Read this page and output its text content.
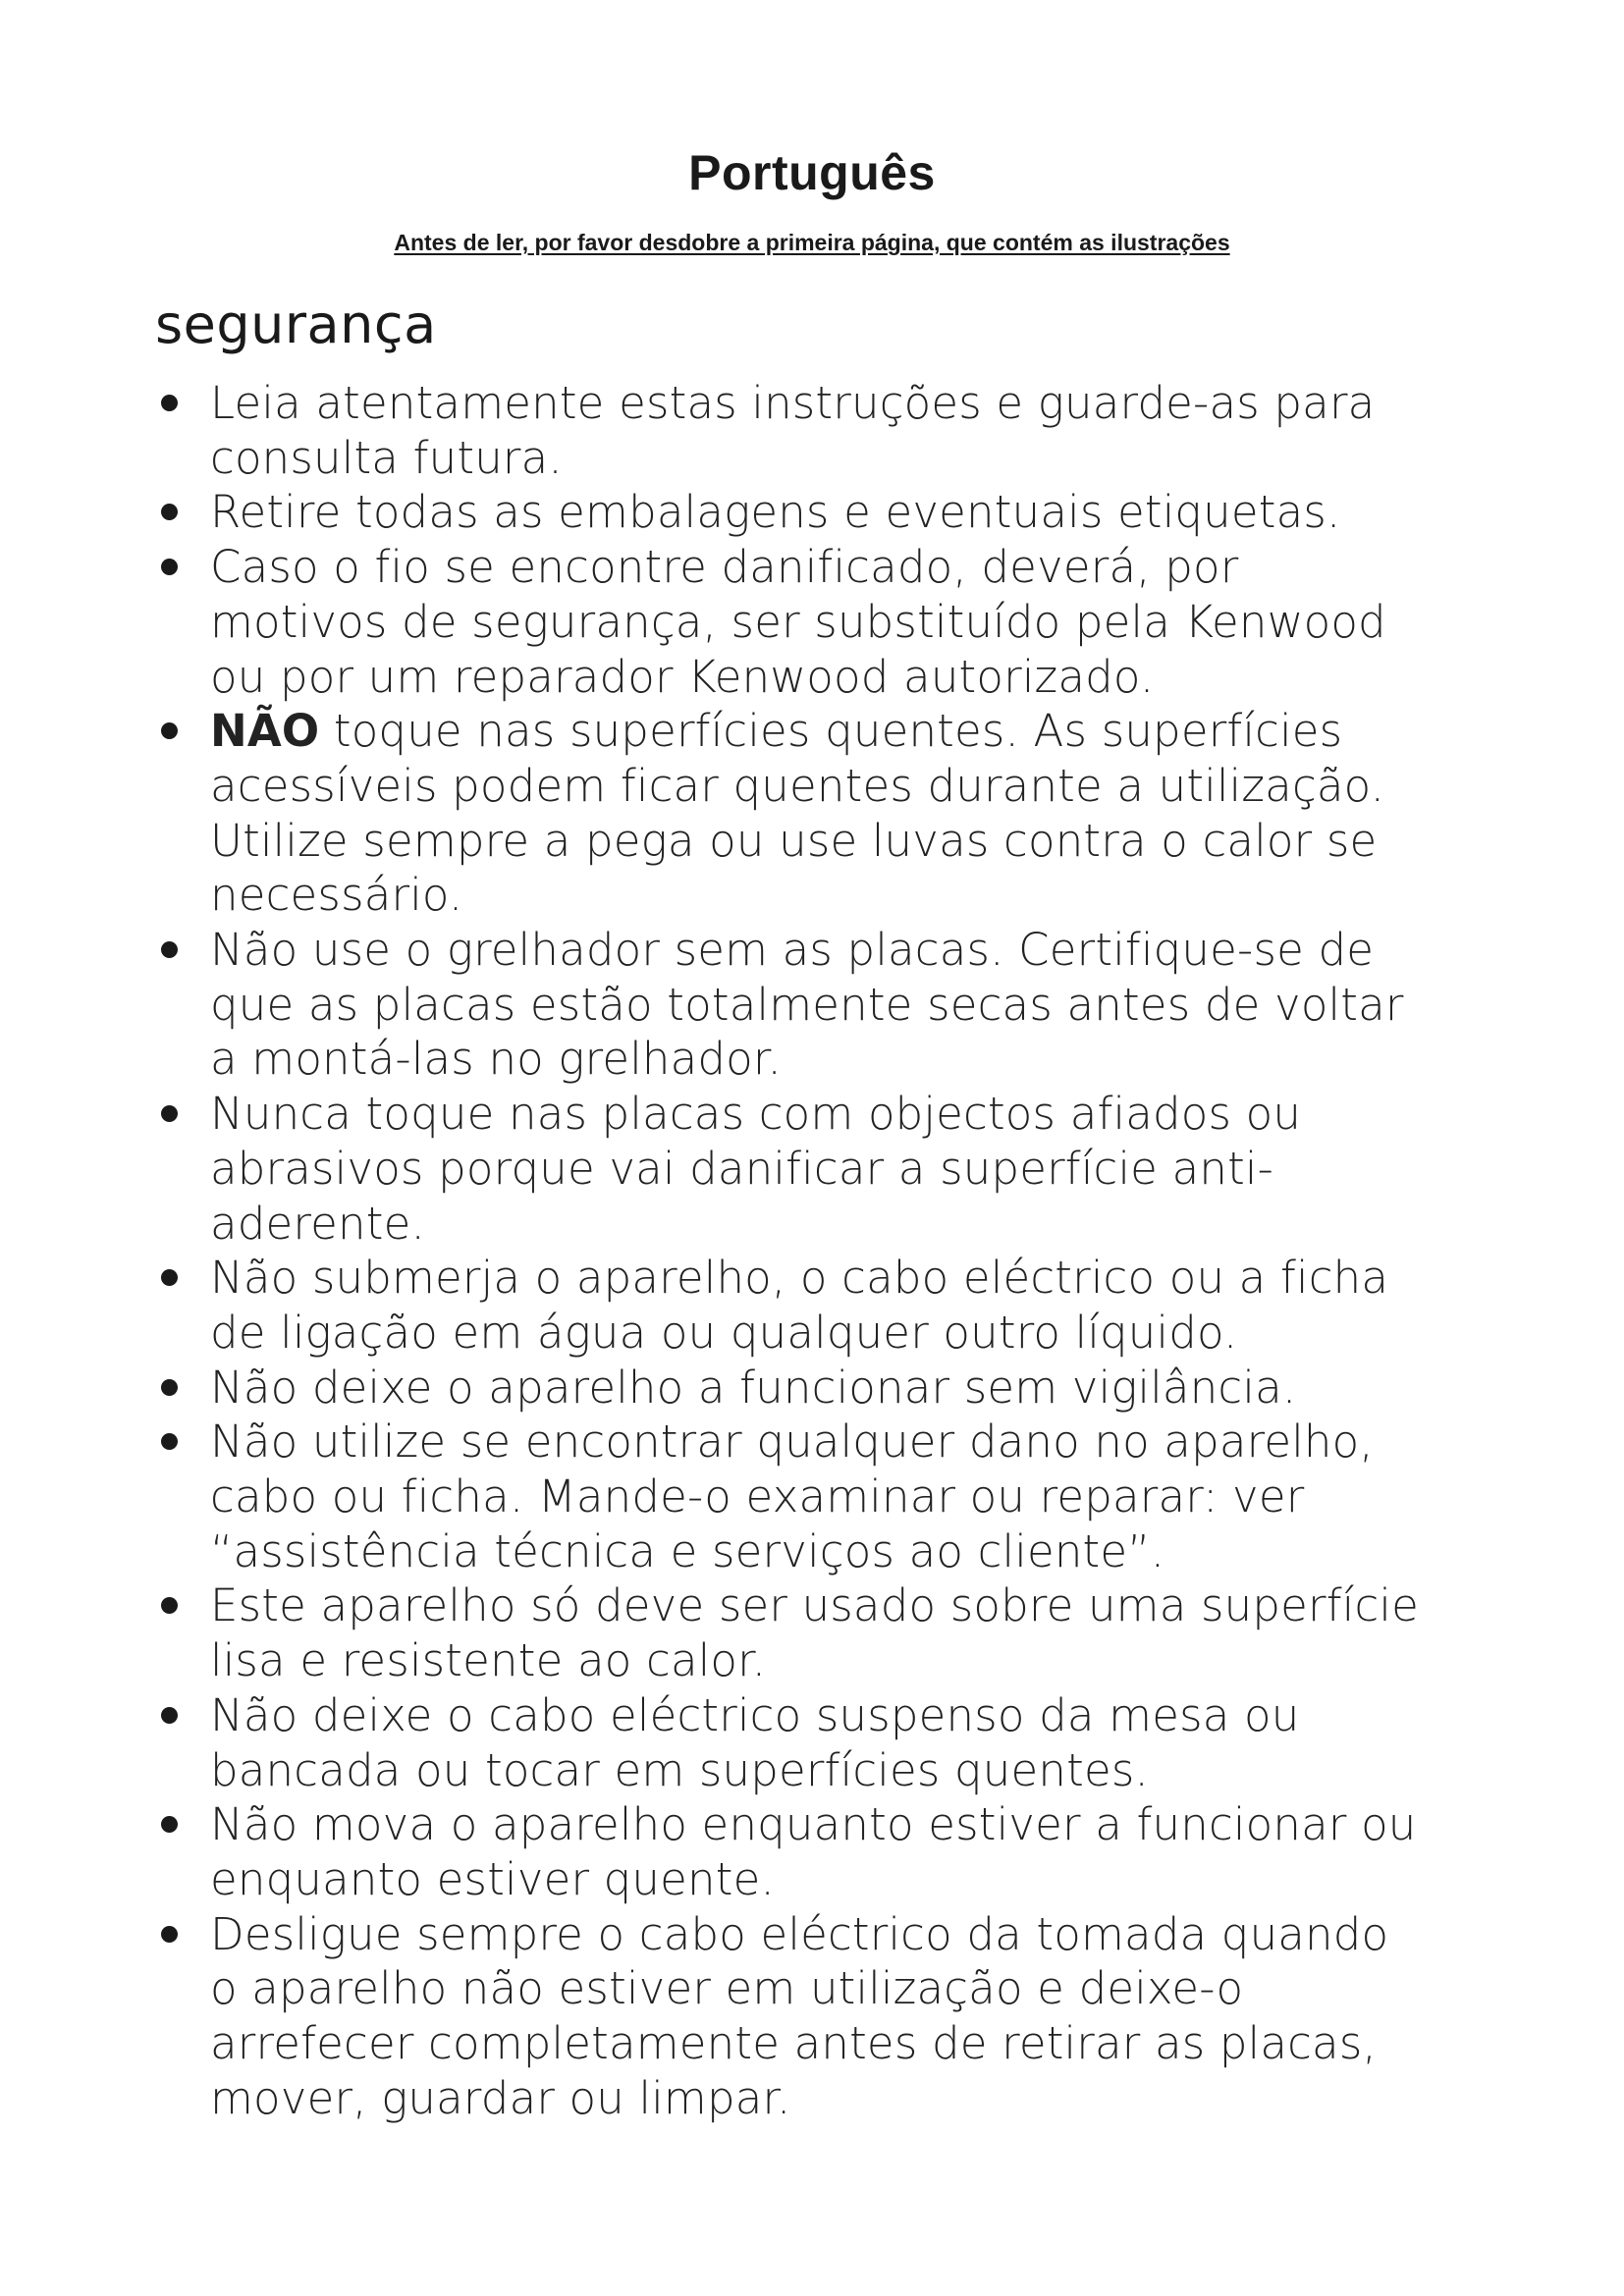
Português

Antes de ler, por favor desdobre a primeira página, que contém as ilustrações

segurança
Leia atentamente estas instruções e guarde-as para
consulta futura.
Retire todas as embalagens e eventuais etiquetas.
Caso o fio se encontre danificado, deverá, por
motivos de segurança, ser substituído pela Kenwood
ou por um reparador Kenwood autorizado.
NÃO toque nas superfícies quentes. As superfícies
acessíveis podem ficar quentes durante a utilização.
Utilize sempre a pega ou use luvas contra o calor se
necessário.
Não use o grelhador sem as placas. Certifique-se de
que as placas estão totalmente secas antes de voltar
a montá-las no grelhador.
Nunca toque nas placas com objectos afiados ou
abrasivos porque vai danificar a superfície anti-
aderente.
Não submerja o aparelho, o cabo eléctrico ou a ficha
de ligação em água ou qualquer outro líquido.
Não deixe o aparelho a funcionar sem vigilância.
Não utilize se encontrar qualquer dano no aparelho,
cabo ou ficha. Mande-o examinar ou reparar: ver
“assistência técnica e serviços ao cliente”.
Este aparelho só deve ser usado sobre uma superfície
lisa e resistente ao calor.
Não deixe o cabo eléctrico suspenso da mesa ou
bancada ou tocar em superfícies quentes.
Não mova o aparelho enquanto estiver a funcionar ou
enquanto estiver quente.
Desligue sempre o cabo eléctrico da tomada quando
o aparelho não estiver em utilização e deixe-o
arrefecer completamente antes de retirar as placas,
mover, guardar ou limpar.
